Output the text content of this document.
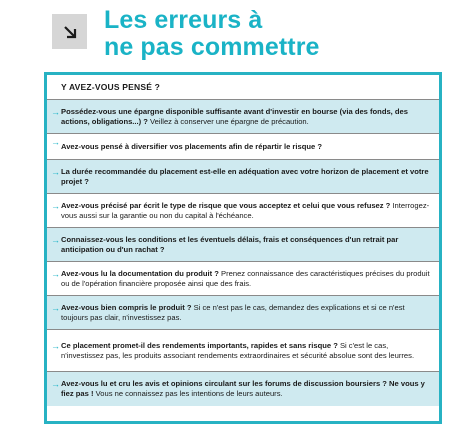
Les erreurs à
ne pas commettre
Y AVEZ-VOUS PENSÉ ?
→ Possédez-vous une épargne disponible suffisante avant d'investir en bourse (via des fonds, des actions, obligations...) ? Veillez à conserver une épargne de précaution.
→ Avez-vous pensé à diversifier vos placements afin de répartir le risque ?
→ La durée recommandée du placement est-elle en adéquation avec votre horizon de placement et votre projet ?
→ Avez-vous précisé par écrit le type de risque que vous acceptez et celui que vous refusez ? Interrogez-vous aussi sur la garantie ou non du capital à l'échéance.
→ Connaissez-vous les conditions et les éventuels délais, frais et conséquences d'un retrait par anticipation ou d'un rachat ?
→ Avez-vous lu la documentation du produit ? Prenez connaissance des caractéristiques précises du produit ou de l'opération financière proposée ainsi que des frais.
→ Avez-vous bien compris le produit ? Si ce n'est pas le cas, demandez des explications et si ce n'est toujours pas clair, n'investissez pas.
→ Ce placement promet-il des rendements importants, rapides et sans risque ? Si c'est le cas, n'investissez pas, les produits associant rendements extraordinaires et sécurité absolue sont des leurres.
→ Avez-vous lu et cru les avis et opinions circulant sur les forums de discussion boursiers ? Ne vous y fiez pas ! Vous ne connaissez pas les intentions de leurs auteurs.
